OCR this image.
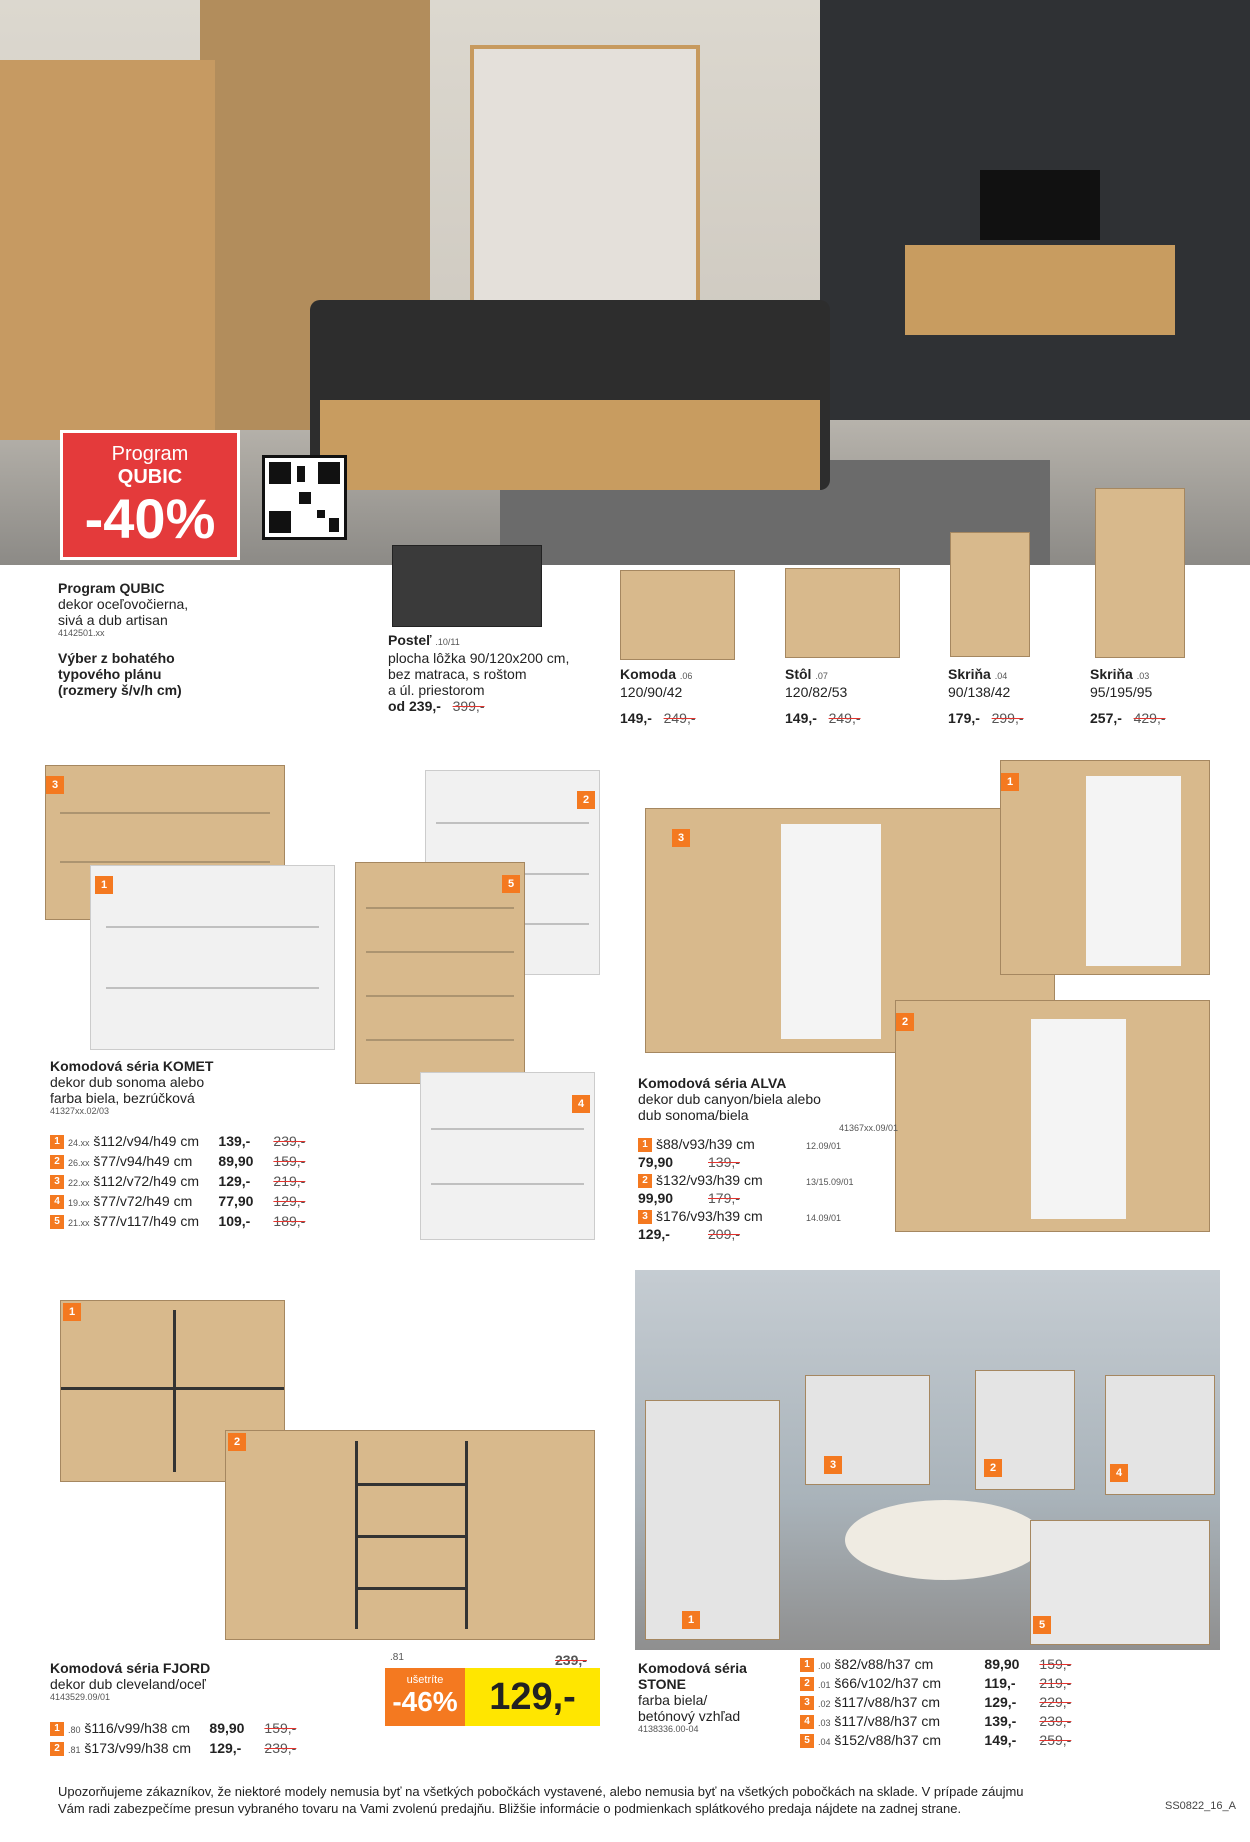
Program
QUBIC
-40%
Program QUBIC
dekor oceľovočierna,
sivá a dub artisan
4142501.xx
Výber z bohatého
typového plánu
(rozmery š/v/h cm)
Posteľ .10/11
plocha lôžka 90/120x200 cm,
bez matraca, s roštom
a úl. priestorom
od 239,- 399,-
Komoda .06
120/90/42
149,- 249,-
Stôl .07
120/82/53
149,- 249,-
Skriňa .04
90/138/42
179,- 299,-
Skriňa .03
95/195/95
257,- 429,-
3
2
1	5
4
Komodová séria KOMET
dekor dub sonoma alebo
farba biela, bezrúčková
41327xx.02/03
1 24.xx š112/v94/h49 cm 139,- 239,-
2 26.xx š77/v94/h49 cm 89,90 159,-
3 22.xx š112/v72/h49 cm 129,- 219,-
4 19.xx š77/v72/h49 cm 77,90 129,-
5 21.xx š77/v117/h49 cm 109,- 189,-
3
1
2
Komodová séria ALVA
dekor dub canyon/biela alebo
dub sonoma/biela
41367xx.09/01
1 š88/v93/h39 cm	12.09/01
79,90 139,-
2 š132/v93/h39 cm	13/15.09/01
99,90 179,-
3 š176/v93/h39 cm	14.09/01
129,-	209,-
1
2
Komodová séria FJORD
dekor dub cleveland/oceľ
4143529.09/01
1 .80 š116/v99/h38 cm 89,90 159,-
2 .81 š173/v99/h38 cm 129,- 239,-
.81	239,-
ušetríte
-46% 129,-
1
3	2	4
5
Komodová séria
STONE
farba biela/
betónový vzhľad
4138336.00-04
1 .00 š82/v88/h37 cm	89,90 159,-
2 .01 š66/v102/h37 cm	119,- 219,-
3 .02 š117/v88/h37 cm	129,- 229,-
4 .03 š117/v88/h37 cm	139,- 239,-
5 .04 š152/v88/h37 cm	149,- 259,-
Upozorňujeme zákazníkov, že niektoré modely nemusia byť na všetkých pobočkách vystavené, alebo nemusia byť na všetkých pobočkách na sklade. V prípade záujmu
Vám radi zabezpečíme presun vybraného tovaru na Vami zvolenú predajňu. Bližšie informácie o podmienkach splátkového predaja nájdete na zadnej strane.	SS0822_16_A
